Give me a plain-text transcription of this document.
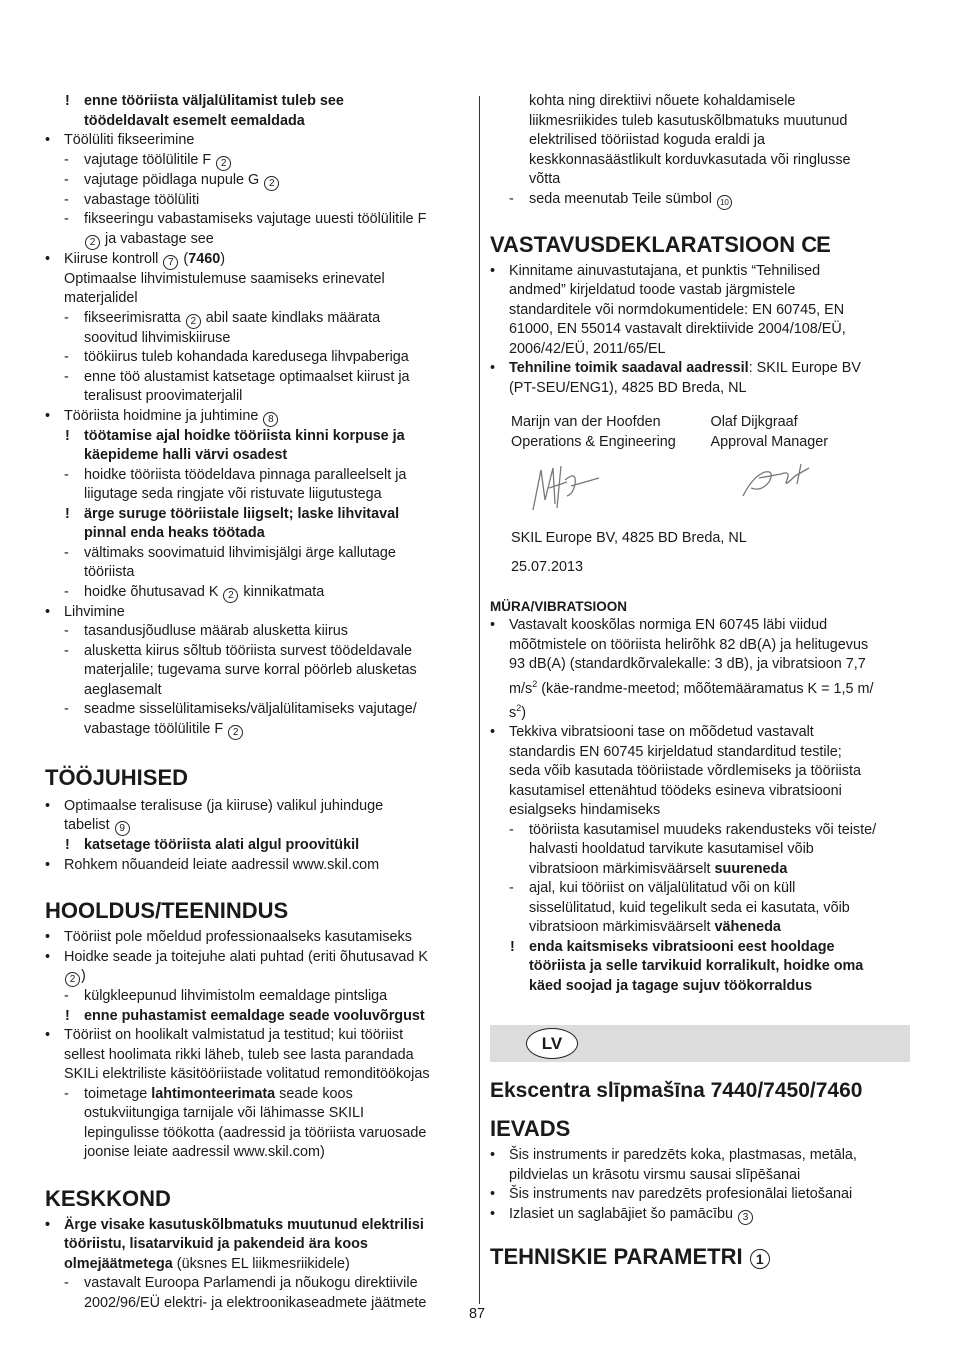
! enne tööriista väljalülitamist tuleb see
töödeldavalt esemelt eemaldada
• Töölüliti fikseerimine
- vajutage töölülitile F 2
- vajutage pöidlaga nupule G 2
- vabastage töölüliti
- fikseeringu vabastamiseks vajutage uuesti töölülitile F
2 ja vabastage see
• Kiiruse kontroll 7 (7460)
Optimaalse lihvimistulemuse saamiseks erinevatel
materjalidel
- fikseerimisratta 2 abil saate kindlaks määrata
soovitud lihvimiskiiruse
- töökiirus tuleb kohandada karedusega lihvpaberiga
- enne töö alustamist katsetage optimaalset kiirust ja
teralisust proovimaterjalil
• Tööriista hoidmine ja juhtimine 8
! töötamise ajal hoidke tööriista kinni korpuse ja
käepideme halli värvi osadest
- hoidke tööriista töödeldava pinnaga paralleelselt ja
liigutage seda ringjate või ristuvate liigutustega
! ärge suruge tööriistale liigselt; laske lihvitaval
pinnal enda heaks töötada
- vältimaks soovimatuid lihvimisjälgi ärge kallutage
tööriista
- hoidke õhutusavad K 2 kinnikatmata
• Lihvimine
- tasandusjõudluse määrab alusketta kiirus
- alusketta kiirus sõltub tööriista survest töödeldavale
materjalile; tugevama surve korral pöörleb alusketas
aeglasemalt
- seadme sisselülitamiseks/väljalülitamiseks vajutage/
vabastage töölülitile F 2
TÖÖJUHISED
• Optimaalse teralisuse (ja kiiruse) valikul juhinduge
tabelist 9
! katsetage tööriista alati algul proovitükil
• Rohkem nõuandeid leiate aadressil www.skil.com
HOOLDUS/TEENINDUS
• Tööriist pole mõeldud professionaalseks kasutamiseks
• Hoidke seade ja toitejuhe alati puhtad (eriti õhutusavad K
2 )
- külgkleepunud lihvimistolm eemaldage pintsliga
! enne puhastamist eemaldage seade vooluvõrgust
• Tööriist on hoolikalt valmistatud ja testitud; kui tööriist
sellest hoolimata rikki läheb, tuleb see lasta parandada
SKILi elektriliste käsitööriistade volitatud remonditöökojas
- toimetage lahtimonteerimata seade koos
ostukviitungiga tarnijale või lähimasse SKILI
lepingulisse töökotta (aadressid ja tööriista varuosade
joonise leiate aadressil www.skil.com)
KESKKOND
• Ärge visake kasutuskõlbmatuks muutunud elektrilisi
tööriistu, lisatarvikuid ja pakendeid ära koos
olmejäätmetega (üksnes EL liikmesriikidele)
- vastavalt Euroopa Parlamendi ja nõukogu direktiivile
2002/96/EÜ elektri- ja elektroonikaseadmete jäätmete
kohta ning direktiivi nõuete kohaldamisele
liikmesriikides tuleb kasutuskõlbmatuks muutunud
elektrilised tööriistad koguda eraldi ja
keskkonnasäästlikult korduvkasutada või ringlusse
võtta
- seda meenutab Teile sümbol 10
VASTAVUSDEKLARATSIOON CE
• Kinnitame ainuvastutajana, et punktis “Tehnilised
andmed” kirjeldatud toode vastab järgmistele
standarditele või normdokumentidele: EN 60745, EN
61000, EN 55014 vastavalt direktiivide 2004/108/EÜ,
2006/42/EÜ, 2011/65/EL
• Tehniline toimik saadaval aadressil: SKIL Europe BV
(PT-SEU/ENG1), 4825 BD Breda, NL
Marijn van der Hoofden	Olaf Dijkgraaf
Operations & Engineering	Approval Manager
SKIL Europe BV, 4825 BD Breda, NL
25.07.2013
MÜRA/VIBRATSIOON
• Vastavalt kooskõlas normiga EN 60745 läbi viidud
mõõtmistele on tööriista helirõhk 82 dB(A) ja helitugevus
93 dB(A) (standardkõrvalekalle: 3 dB), ja vibratsioon 7,7
$m/s^2$ (käe-randme-meetod; mõõtemääramatus K = 1,5 m/
$s^2$)
• Tekkiva vibratsiooni tase on mõõdetud vastavalt
standardis EN 60745 kirjeldatud standarditud testile;
seda võib kasutada tööriistade võrdlemiseks ja tööriista
kasutamisel ettenähtud töödeks esineva vibratsiooni
esialgseks hindamiseks
- tööriista kasutamisel muudeks rakendusteks või teiste/
halvasti hooldatud tarvikute kasutamisel võib
vibratsioon märkimisväärselt suureneda
- ajal, kui tööriist on väljalülitatud või on küll
sisselülitatud, kuid tegelikult seda ei kasutata, võib
vibratsioon märkimisväärselt väheneda
! enda kaitsmiseks vibratsiooni eest hooldage
tööriista ja selle tarvikuid korralikult, hoidke oma
käed soojad ja tagage sujuv töökorraldus
LV
Ekscentra slīpmašīna 7440/7450/7460
IEVADS
• Šis instruments ir paredzēts koka, plastmasas, metāla,
pildvielas un krāsotu virsmu sausai slīpēšanai
• Šis instruments nav paredzēts profesionālai lietošanai
• Izlasiet un saglabājiet šo pamācību 3
TEHNISKIE PARAMETRI 1
87
